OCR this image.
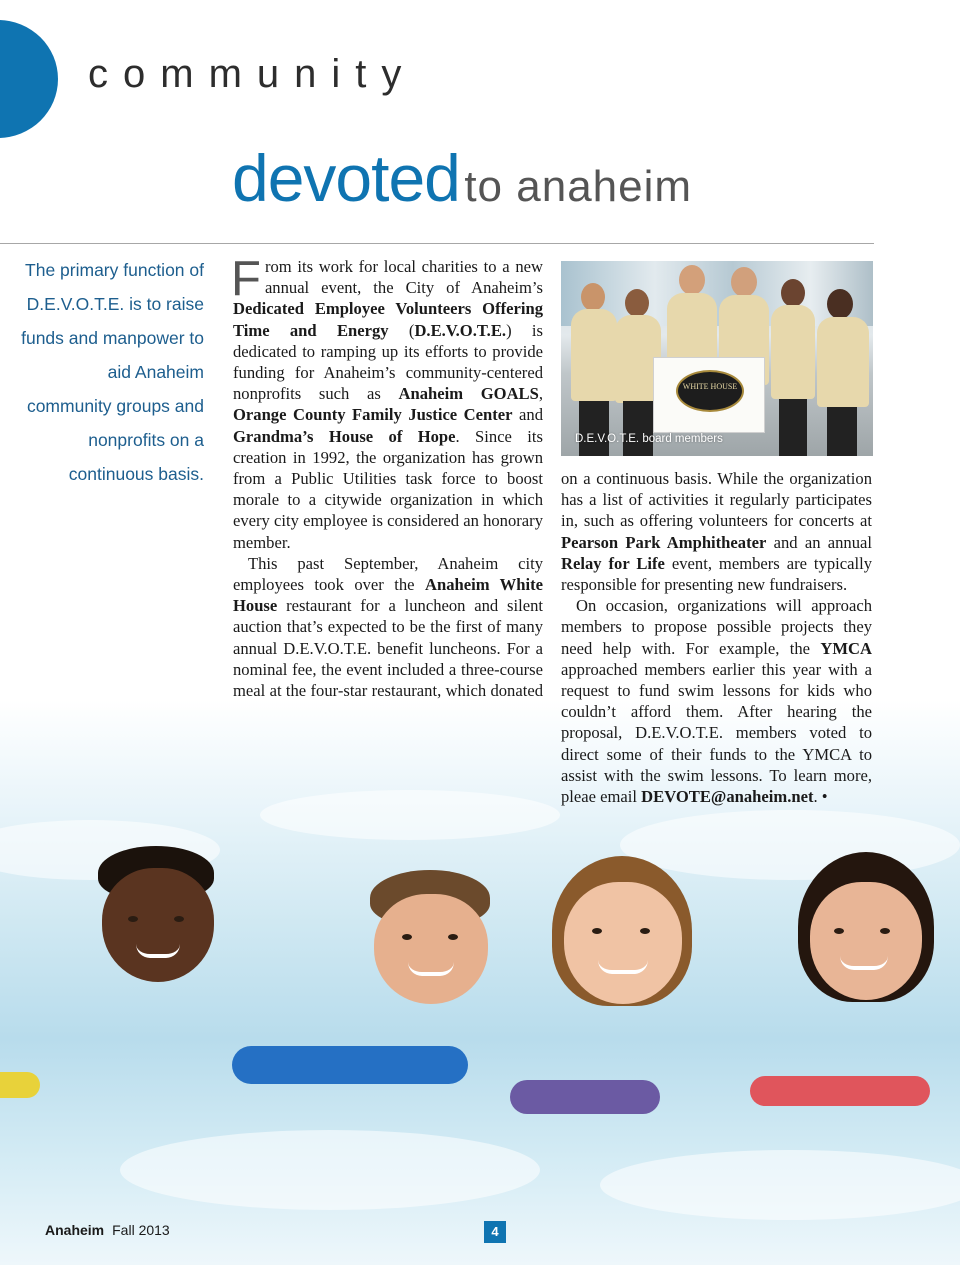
community
devoted to anaheim
The primary function of D.E.V.O.T.E. is to raise funds and manpower to aid Anaheim community groups and nonprofits on a continuous basis.

From its work for local charities to a new annual event, the City of Anaheim’s Dedicated Employee Volunteers Offering Time and Energy (D.E.V.O.T.E.) is dedicated to ramping up its efforts to provide funding for Anaheim’s community-centered nonprofits such as Anaheim GOALS, Orange County Family Justice Center and Grandma’s House of Hope. Since its creation in 1992, the organization has grown from a Public Utilities task force to boost morale to a citywide organization in which every city employee is considered an honorary member.

This past September, Anaheim city employees took over the Anaheim White House restaurant for a luncheon and silent auction that’s expected to be the first of many annual D.E.V.O.T.E. benefit luncheons. For a nominal fee, the event included a three-course meal at the four-star restaurant, which donated

WHITE HOUSE
D.E.V.O.T.E. board members

on a continuous basis. While the organization has a list of activities it regularly participates in, such as offering volunteers for concerts at Pearson Park Amphitheater and an annual Relay for Life event, members are typically responsible for presenting new fundraisers.

On occasion, organizations will approach members to propose possible projects they need help with. For example, the YMCA approached members earlier this year with a request to fund swim lessons for kids who couldn’t afford them. After hearing the proposal, D.E.V.O.T.E. members voted to direct some of their funds to the YMCA to assist with the swim lessons. To learn more, pleae email DEVOTE@anaheim.net. •

Anaheim Fall 2013	4
